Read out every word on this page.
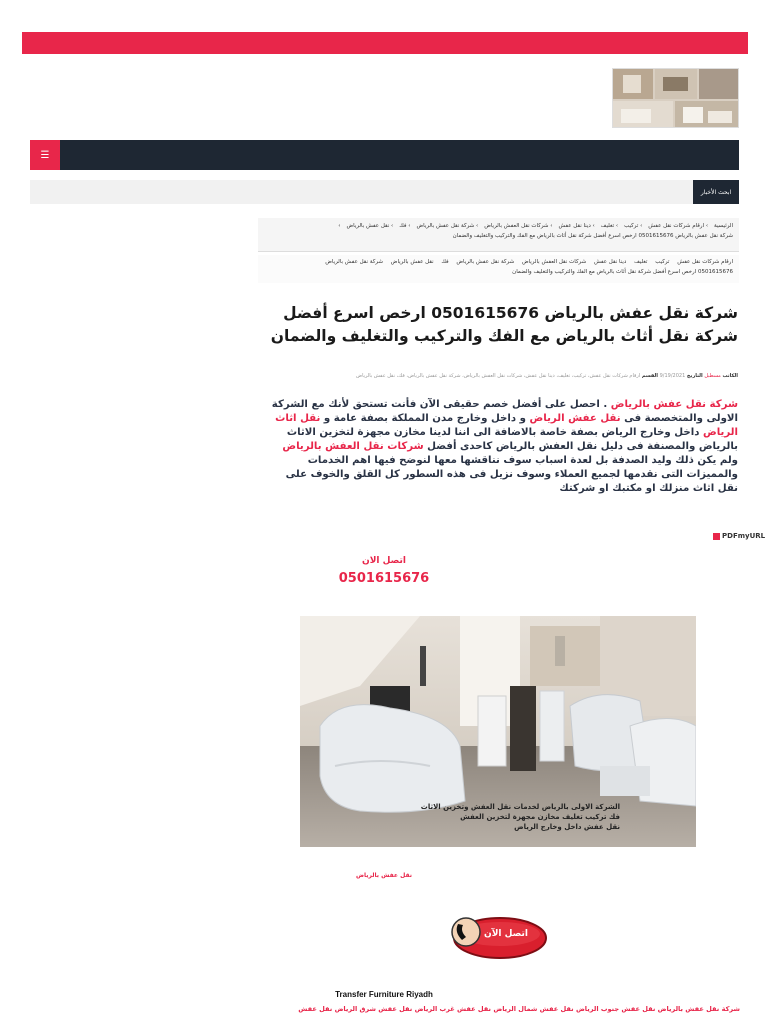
☰
ابحث الأخبار
الرئيسية› ارقام شركات نقل عفش› تركيب› تغليف› دينا نقل عفش› شركات نقل العفش بالرياض› شركة نقل عفش بالرياض› فك› نقل عفش بالرياض›
شركة نقل عفش بالرياض 0501615676 ارخص اسرع أفضل شركة نقل أثاث بالرياض مع الفك والتركيب والتغليف والضمان
ارقام شركات نقل عفش تركيب تغليف دينا نقل عفش شركات نقل العفش بالرياض شركة نقل عفش بالرياض فك نقل عفش بالرياض شركة نقل عفش بالرياض
0501615676 ارخص اسرع أفضل شركة نقل أثاث بالرياض مع الفك والتركيب والتغليف والضمان
شركة نقل عفش بالرياض 0501615676 ارخص اسرع أفضل شركة نقل أثاث بالرياض مع الفك والتركيب والتغليف والضمان
الكاتب مسطبل التاريخ 9/19/2021 القسم ارقام شركات نقل عفش، تركيب، تغليف، دينا نقل عفش، شركات نقل العفش بالرياض، شركة نقل عفش بالرياض، فك، نقل عفش بالرياض

شركة نقل عفش بالرياض . احصل على أفضل خصم حقيقى الآن فأنت تستحق لأنك مع الشركة الاولى والمتخصصة فى نقل عفش الرياض و داخل وخارج مدن المملكة بصفة عامة و نقل اثاث الرياض داخل وخارج الرياض بصفة خاصة بالاضافة الى اننا لدينا مخازن مجهزة لتخزين الاثاث بالرياض والمصنفة فى دليل نقل العفش بالرياض كاحدى أفضل شركات نقل العفش بالرياض ولم يكن ذلك وليد الصدفة بل لعدة اسباب سوف نناقشها معها لنوضح فيها اهم الخدمات والمميزات التى نقدمها لجميع العملاء وسوف نزيل فى هذه السطور كل القلق والخوف على نقل اثاث منزلك او مكتبك او شركتك

PDFmyURL
اتصل الان
0501615676
الشركة الاولى بالرياض لخدمات نقل العفش وتخزين الاثاث
فك تركيب تغليف مخازن مجهزة لتخزين العفش
نقل عفش داخل وخارج الرياض
نقل عفش بالرياض
اتصل الآن
Transfer Furniture Riyadh
شركة نقل عفش بالرياض نقل عفش جنوب الرياض نقل عفش شمال الرياض نقل عفش غرب الرياض نقل عفش شرق الرياض نقل عفش
